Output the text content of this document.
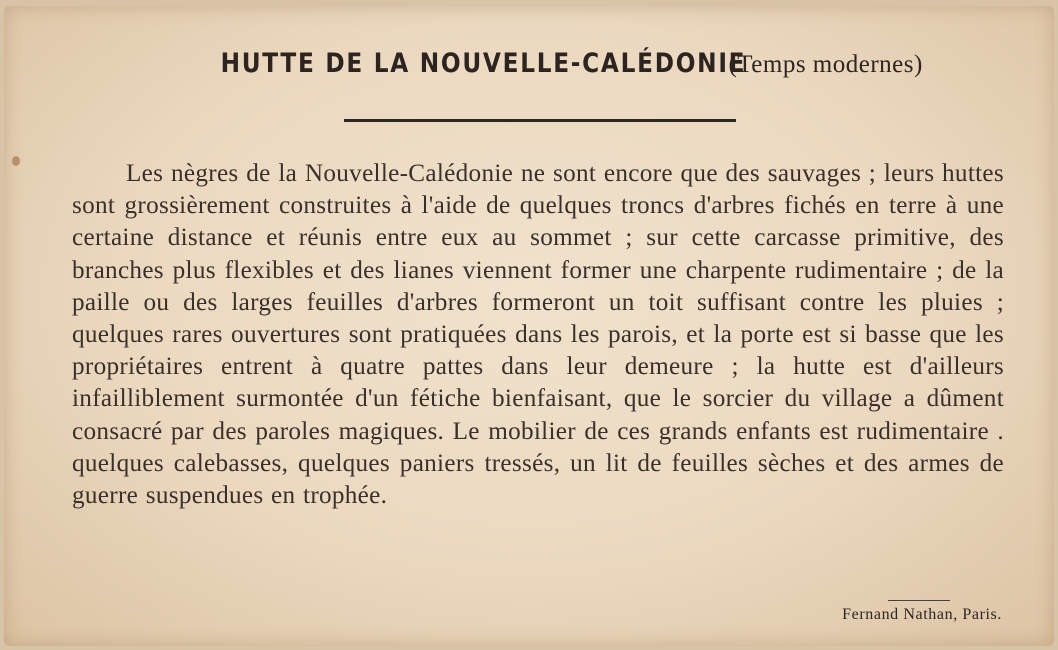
HUTTE DE LA NOUVELLE-CALÉDONIE (Temps modernes)

Les nègres de la Nouvelle-Calédonie ne sont encore que des sauvages ; leurs huttes sont grossièrement construites à l'aide de quelques troncs d'arbres fichés en terre à une certaine distance et réunis entre eux au sommet ; sur cette carcasse primitive, des branches plus flexibles et des lianes viennent former une charpente rudimentaire ; de la paille ou des larges feuilles d'arbres formeront un toit suffisant contre les pluies ; quelques rares ouvertures sont pratiquées dans les parois, et la porte est si basse que les propriétaires entrent à quatre pattes dans leur demeure ; la hutte est d'ailleurs infailliblement surmontée d'un fétiche bienfaisant, que le sorcier du village a dûment consacré par des paroles magiques. Le mobilier de ces grands enfants est rudimentaire . quelques calebasses, quelques paniers tressés, un lit de feuilles sèches et des armes de guerre suspendues en trophée.

Fernand Nathan, Paris.
